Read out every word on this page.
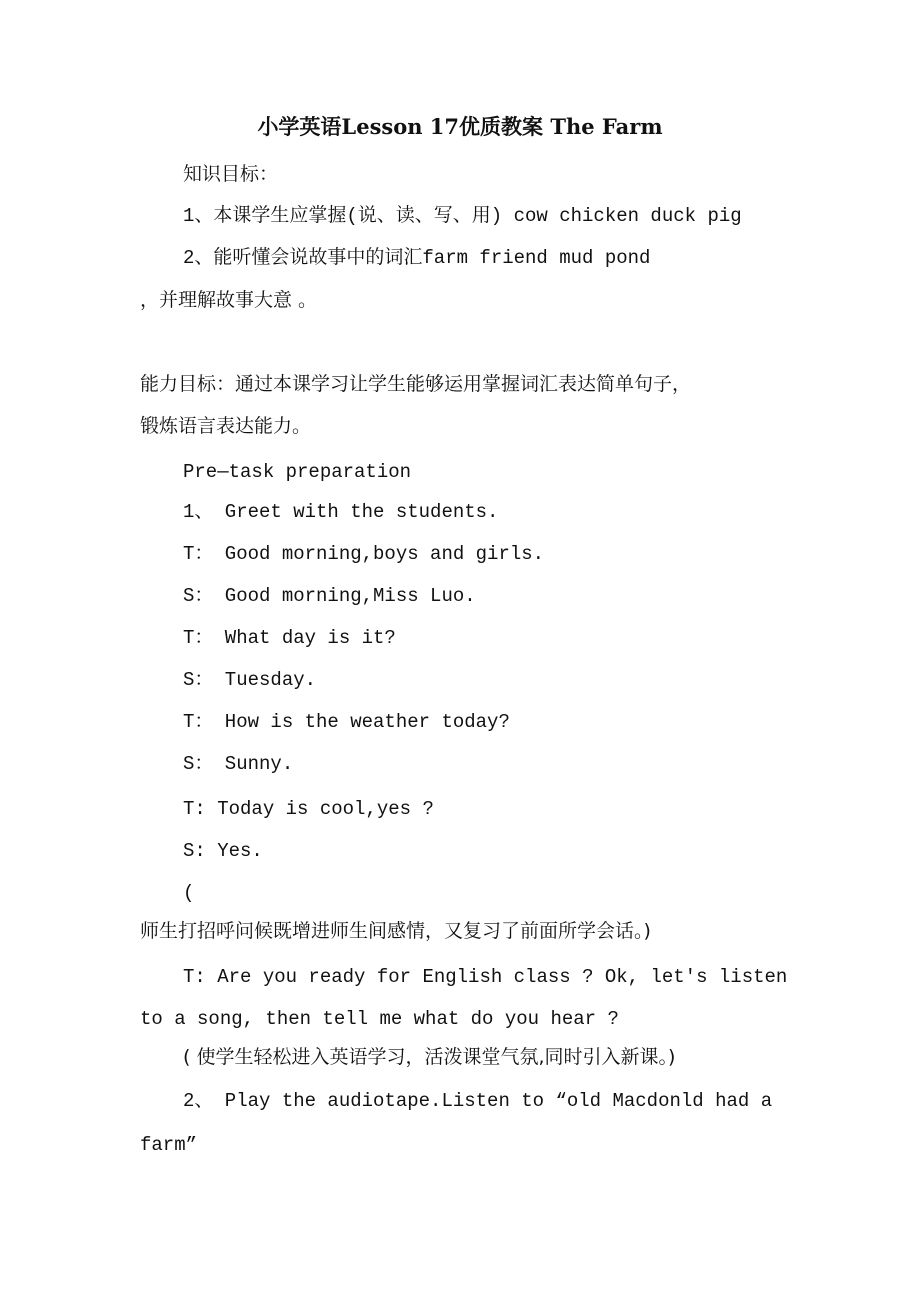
小学英语Lesson 17优质教案 The Farm
知识目标：
1、本课学生应掌握(说、读、写、用) cow chicken duck pig
2、能听懂会说故事中的词汇farm friend mud pond
，并理解故事大意 。
能力目标：通过本课学习让学生能够运用掌握词汇表达简单句子，
锻炼语言表达能力。
Pre—task preparation
1、 Greet with the students.
T： Good morning,boys and girls.
S： Good morning,Miss Luo.
T： What day is it?
S： Tuesday.
T： How is the weather today?
S： Sunny.
T: Today is cool,yes ?
S: Yes.
(
师生打招呼问候既增进师生间感情，又复习了前面所学会话。)
T: Are you ready for English class ? Ok, let's listen
to a song, then tell me what do you hear ?
( 使学生轻松进入英语学习，活泼课堂气氛,同时引入新课。)
2、 Play the audiotape.Listen to “old Macdonld had a
farm”
